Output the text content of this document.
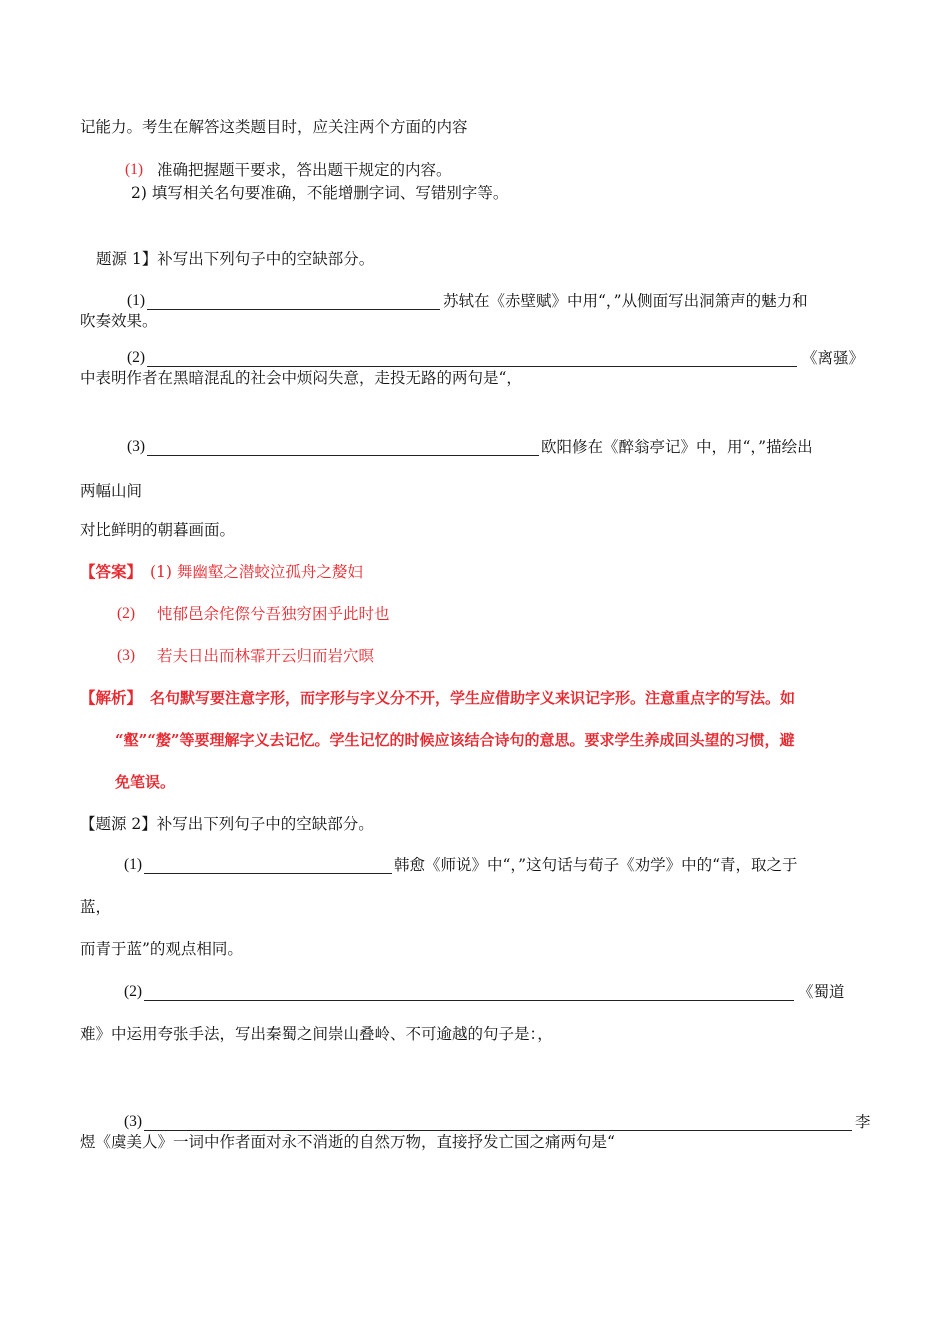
记能力。考生在解答这类题目时，应关注两个方面的内容
(1) 准确把握题干要求，答出题干规定的内容。
2) 填写相关名句要准确，不能增删字词、写错别字等。
题源 1】补写出下列句子中的空缺部分。
(1)	苏轼在《赤壁赋》中用“，”从侧面写出洞箫声的魅力和
吹奏效果。
(2)	《离骚》
中表明作者在黑暗混乱的社会中烦闷失意，走投无路的两句是“，
(3)	欧阳修在《醉翁亭记》中，用“，”描绘出
两幅山间
对比鲜明的朝暮画面。
【答案】 (1) 舞幽壑之潜蛟泣孤舟之嫠妇
(2) 忳郁邑余侘傺兮吾独穷困乎此时也
(3) 若夫日出而林霏开云归而岩穴暝
【解析】 名句默写要注意字形，而字形与字义分不开，学生应借助字义来识记字形。注意重点字的写法。如
“壑”“嫠”等要理解字义去记忆。学生记忆的时候应该结合诗句的意思。要求学生养成回头望的习惯，避
免笔误。
【题源 2】补写出下列句子中的空缺部分。
(1)	韩愈《师说》中“，”这句话与荀子《劝学》中的“青，取之于
蓝，
而青于蓝”的观点相同。
(2)	《蜀道
难》中运用夸张手法，写出秦蜀之间崇山叠岭、不可逾越的句子是：，
(3)	李
煜《虞美人》一词中作者面对永不消逝的自然万物，直接抒发亡国之痛两句是“
